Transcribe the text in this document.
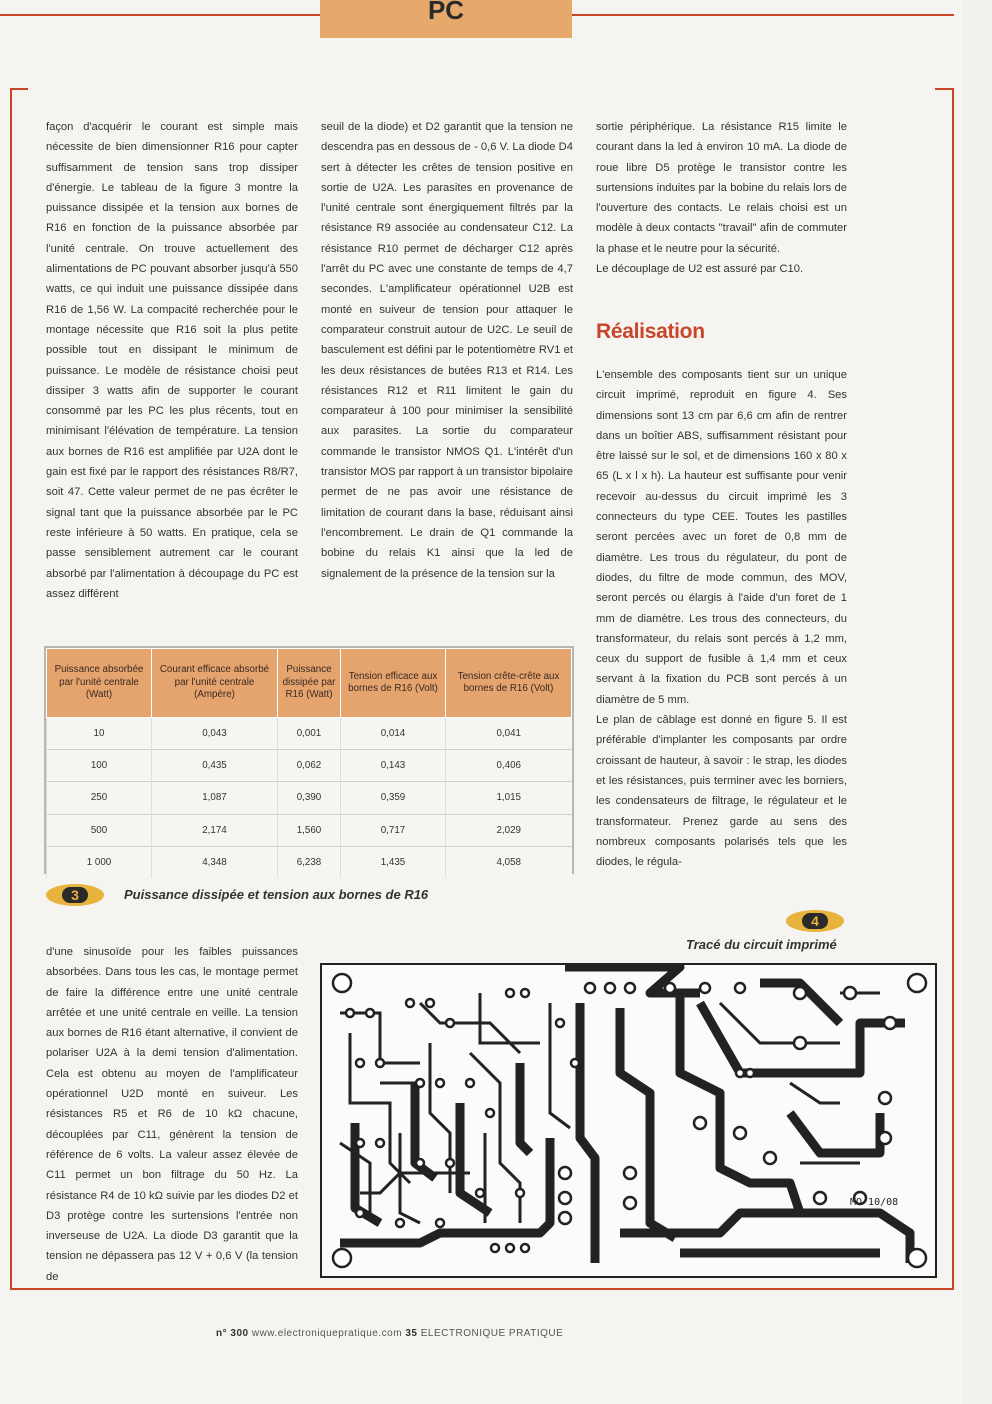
PC

façon d'acquérir le courant est simple mais nécessite de bien dimensionner R16 pour capter suffisamment de tension sans trop dissiper d'énergie. Le tableau de la figure 3 montre la puissance dissipée et la tension aux bornes de R16 en fonction de la puissance absorbée par l'unité centrale. On trouve actuellement des alimentations de PC pouvant absorber jusqu'à 550 watts, ce qui induit une puissance dissipée dans R16 de 1,56 W. La compacité recherchée pour le montage nécessite que R16 soit la plus petite possible tout en dissipant le minimum de puissance. Le modèle de résistance choisi peut dissiper 3 watts afin de supporter le courant consommé par les PC les plus récents, tout en minimisant l'élévation de température. La tension aux bornes de R16 est amplifiée par U2A dont le gain est fixé par le rapport des résistances R8/R7, soit 47. Cette valeur permet de ne pas écrêter le signal tant que la puissance absorbée par le PC reste inférieure à 50 watts. En pratique, cela se passe sensiblement autrement car le courant absorbé par l'alimentation à découpage du PC est assez différent

seuil de la diode) et D2 garantit que la tension ne descendra pas en dessous de - 0,6 V. La diode D4 sert à détecter les crêtes de tension positive en sortie de U2A. Les parasites en provenance de l'unité centrale sont énergiquement filtrés par la résistance R9 associée au condensateur C12. La résistance R10 permet de décharger C12 après l'arrêt du PC avec une constante de temps de 4,7 secondes. L'amplificateur opérationnel U2B est monté en suiveur de tension pour attaquer le comparateur construit autour de U2C. Le seuil de basculement est défini par le potentiomètre RV1 et les deux résistances de butées R13 et R14. Les résistances R12 et R11 limitent le gain du comparateur à 100 pour minimiser la sensibilité aux parasites. La sortie du comparateur commande le transistor NMOS Q1. L'intérêt d'un transistor MOS par rapport à un transistor bipolaire permet de ne pas avoir une résistance de limitation de courant dans la base, réduisant ainsi l'encombrement. Le drain de Q1 commande la bobine du relais K1 ainsi que la led de signalement de la présence de la tension sur la

sortie périphérique. La résistance R15 limite le courant dans la led à environ 10 mA. La diode de roue libre D5 protège le transistor contre les surtensions induites par la bobine du relais lors de l'ouverture des contacts. Le relais choisi est un modèle à deux contacts "travail" afin de commuter la phase et le neutre pour la sécurité.

Le découplage de U2 est assuré par C10.

Réalisation

L'ensemble des composants tient sur un unique circuit imprimé, reproduit en figure 4. Ses dimensions sont 13 cm par 6,6 cm afin de rentrer dans un boîtier ABS, suffisamment résistant pour être laissé sur le sol, et de dimensions 160 x 80 x 65 (L x l x h). La hauteur est suffisante pour venir recevoir au-dessus du circuit imprimé les 3 connecteurs du type CEE. Toutes les pastilles seront percées avec un foret de 0,8 mm de diamètre. Les trous du régulateur, du pont de diodes, du filtre de mode commun, des MOV, seront percés ou élargis à l'aide d'un foret de 1 mm de diamètre. Les trous des connecteurs, du transformateur, du relais sont percés à 1,2 mm, ceux du support de fusible à 1,4 mm et ceux servant à la fixation du PCB sont percés à un diamètre de 5 mm.

Le plan de câblage est donné en figure 5. Il est préférable d'implanter les composants par ordre croissant de hauteur, à savoir : le strap, les diodes et les résistances, puis terminer avec les borniers, les condensateurs de filtrage, le régulateur et le transformateur. Prenez garde au sens des nombreux composants polarisés tels que les diodes, le régula-

Puissance absorbée par l'unité centrale (Watt)	Courant efficace absorbé par l'unité centrale (Ampère)	Puissance dissipée par R16 (Watt)	Tension efficace aux bornes de R16 (Volt)	Tension crête-crête aux bornes de R16 (Volt)
10	0,043	0,001	0,014	0,041
100	0,435	0,062	0,143	0,406
250	1,087	0,390	0,359	1,015
500	2,174	1,560	0,717	2,029
1 000	4,348	6,238	1,435	4,058
3	Puissance dissipée et tension aux bornes de R16

d'une sinusoïde pour les faibles puissances absorbées. Dans tous les cas, le montage permet de faire la différence entre une unité centrale arrêtée et une unité centrale en veille. La tension aux bornes de R16 étant alternative, il convient de polariser U2A à la demi tension d'alimentation. Cela est obtenu au moyen de l'amplificateur opérationnel U2D monté en suiveur. Les résistances R5 et R6 de 10 kΩ chacune, découplées par C11, génèrent la tension de référence de 6 volts. La valeur assez élevée de C11 permet un bon filtrage du 50 Hz. La résistance R4 de 10 kΩ suivie par les diodes D2 et D3 protège contre les surtensions l'entrée non inverseuse de U2A. La diode D3 garantit que la tension ne dépassera pas 12 V + 0,6 V (la tension de

4
Tracé du circuit imprimé
MO 10/08
n° 300 www.electroniquepratique.com 35 ELECTRONIQUE PRATIQUE
